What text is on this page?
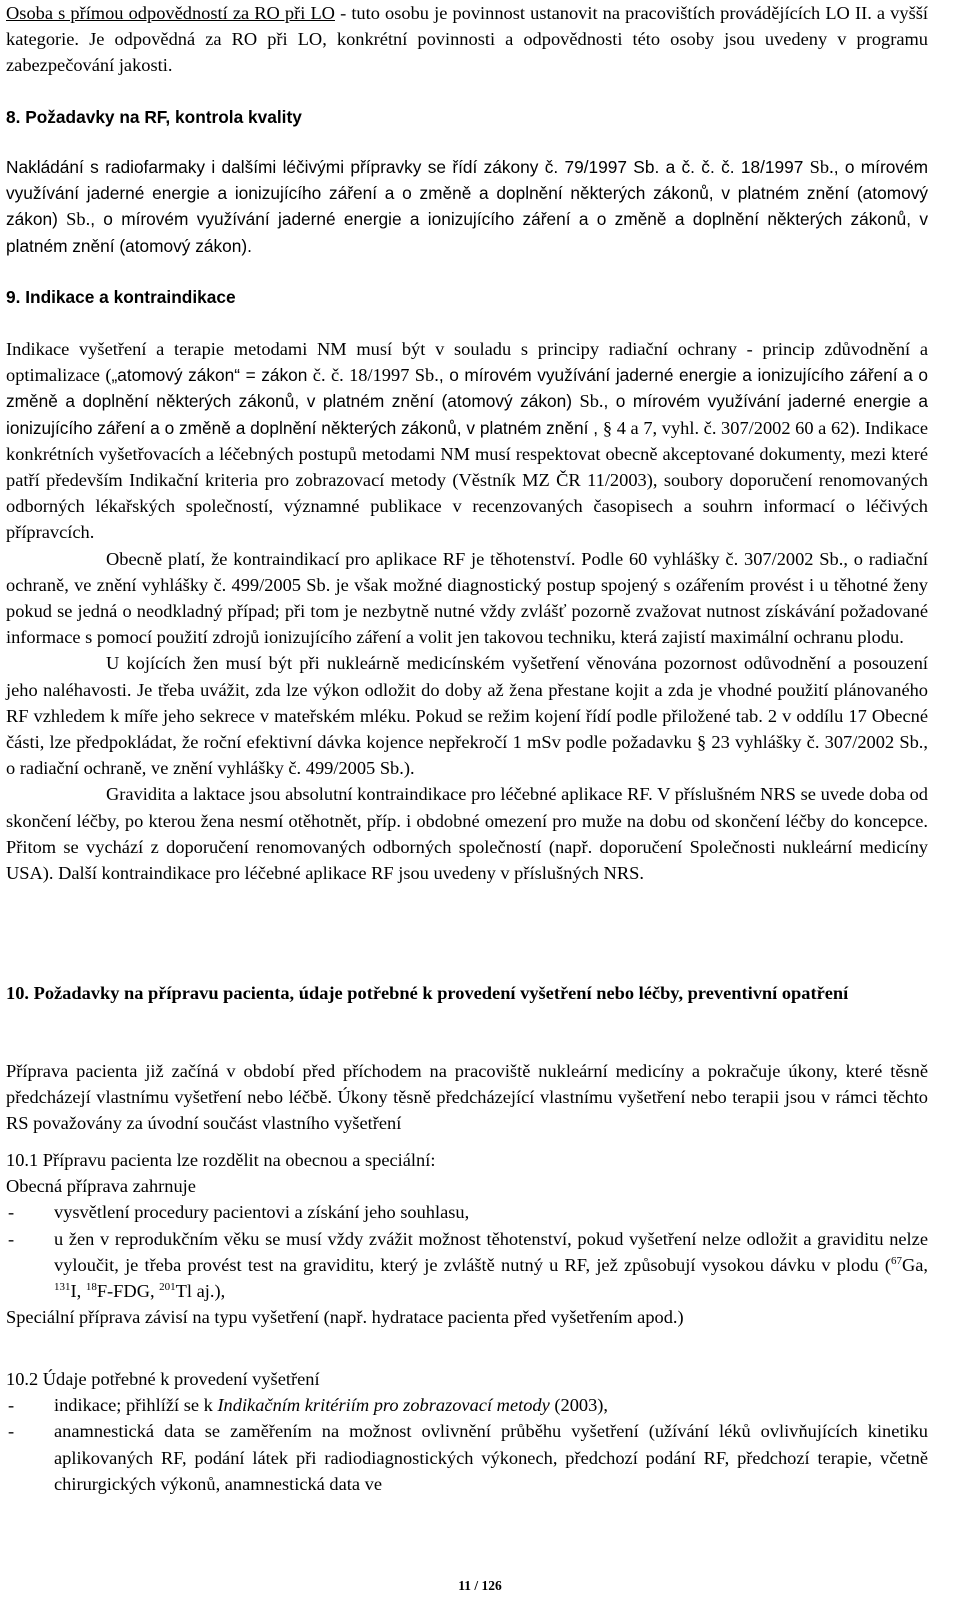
Osoba s přímou odpovědností za RO při LO - tuto osobu je povinnost ustanovit na pracovištích provádějících LO II. a vyšší kategorie. Je odpovědná za RO při LO, konkrétní povinnosti a odpovědnosti této osoby jsou uvedeny v programu zabezpečování jakosti.

8. Požadavky na RF, kontrola kvality

Nakládání s radiofarmaky i dalšími léčivými přípravky se řídí zákony č. 79/1997 Sb. a č. č. č. 18/1997 Sb., o mírovém využívání jaderné energie a ionizujícího záření a o změně a doplnění některých zákonů, v platném znění (atomový zákon) Sb., o mírovém využívání jaderné energie a ionizujícího záření a o změně a doplnění některých zákonů, v platném znění (atomový zákon).

9. Indikace a kontraindikace

Indikace vyšetření a terapie metodami NM musí být v souladu s principy radiační ochrany - princip zdůvodnění a optimalizace („atomový zákon“ = zákon č. č. 18/1997 Sb., o mírovém využívání jaderné energie a ionizujícího záření a o změně a doplnění některých zákonů, v platném znění (atomový zákon) Sb., o mírovém využívání jaderné energie a ionizujícího záření a o změně a doplnění některých zákonů, v platném znění , § 4 a 7, vyhl. č. 307/2002 60 a 62). Indikace konkrétních vyšetřovacích a léčebných postupů metodami NM musí respektovat obecně akceptované dokumenty, mezi které patří především Indikační kriteria pro zobrazovací metody (Věstník MZ ČR 11/2003), soubory doporučení renomovaných odborných lékařských společností, významné publikace v recenzovaných časopisech a souhrn informací o léčivých přípravcích.

Obecně platí, že kontraindikací pro aplikace RF je těhotenství. Podle 60 vyhlášky č. 307/2002 Sb., o radiační ochraně, ve znění vyhlášky č. 499/2005 Sb. je však možné diagnostický postup spojený s ozářením provést i u těhotné ženy pokud se jedná o neodkladný případ; při tom je nezbytně nutné vždy zvlášť pozorně zvažovat nutnost získávání požadované informace s pomocí použití zdrojů ionizujícího záření a volit jen takovou techniku, která zajistí maximální ochranu plodu.

U kojících žen musí být při nukleárně medicínském vyšetření věnována pozornost odůvodnění a posouzení jeho naléhavosti. Je třeba uvážit, zda lze výkon odložit do doby až žena přestane kojit a zda je vhodné použití plánovaného RF vzhledem k míře jeho sekrece v mateřském mléku. Pokud se režim kojení řídí podle přiložené tab. 2 v oddílu 17 Obecné části, lze předpokládat, že roční efektivní dávka kojence nepřekročí 1 mSv podle požadavku § 23 vyhlášky č. 307/2002 Sb., o radiační ochraně, ve znění vyhlášky č. 499/2005 Sb.).

Gravidita a laktace jsou absolutní kontraindikace pro léčebné aplikace RF. V příslušném NRS se uvede doba od skončení léčby, po kterou žena nesmí otěhotnět, příp. i obdobné omezení pro muže na dobu od skončení léčby do koncepce. Přitom se vychází z doporučení renomovaných odborných společností (např. doporučení Společnosti nukleární medicíny USA). Další kontraindikace pro léčebné aplikace RF jsou uvedeny v příslušných NRS.

10. Požadavky na přípravu pacienta, údaje potřebné k provedení vyšetření nebo léčby, preventivní opatření

Příprava pacienta již začíná v období před příchodem na pracoviště nukleární medicíny a pokračuje úkony, které těsně předcházejí vlastnímu vyšetření nebo léčbě. Úkony těsně předcházející vlastnímu vyšetření nebo terapii jsou v rámci těchto RS považovány za úvodní součást vlastního vyšetření

10.1 Přípravu pacienta lze rozdělit na obecnou a speciální:

Obecná příprava zahrnuje

- vysvětlení procedury pacientovi a získání jeho souhlasu,
- u žen v reprodukčním věku se musí vždy zvážit možnost těhotenství, pokud vyšetření nelze odložit a graviditu nelze vyloučit, je třeba provést test na graviditu, který je zvláště nutný u RF, jež způsobují vysokou dávku v plodu ($^{67}$Ga, $^{131}$I, $^{18}$F-FDG, $^{201}$Tl aj.),

Speciální příprava závisí na typu vyšetření (např. hydratace pacienta před vyšetřením apod.)

10.2 Údaje potřebné k provedení vyšetření

- indikace; přihlíží se k Indikačním kritériím pro zobrazovací metody (2003),
- anamnestická data se zaměřením na možnost ovlivnění průběhu vyšetření (užívání léků ovlivňujících kinetiku aplikovaných RF, podání látek při radiodiagnostických výkonech, předchozí podání RF, předchozí terapie, včetně chirurgických výkonů, anamnestická data ve
11 / 126
